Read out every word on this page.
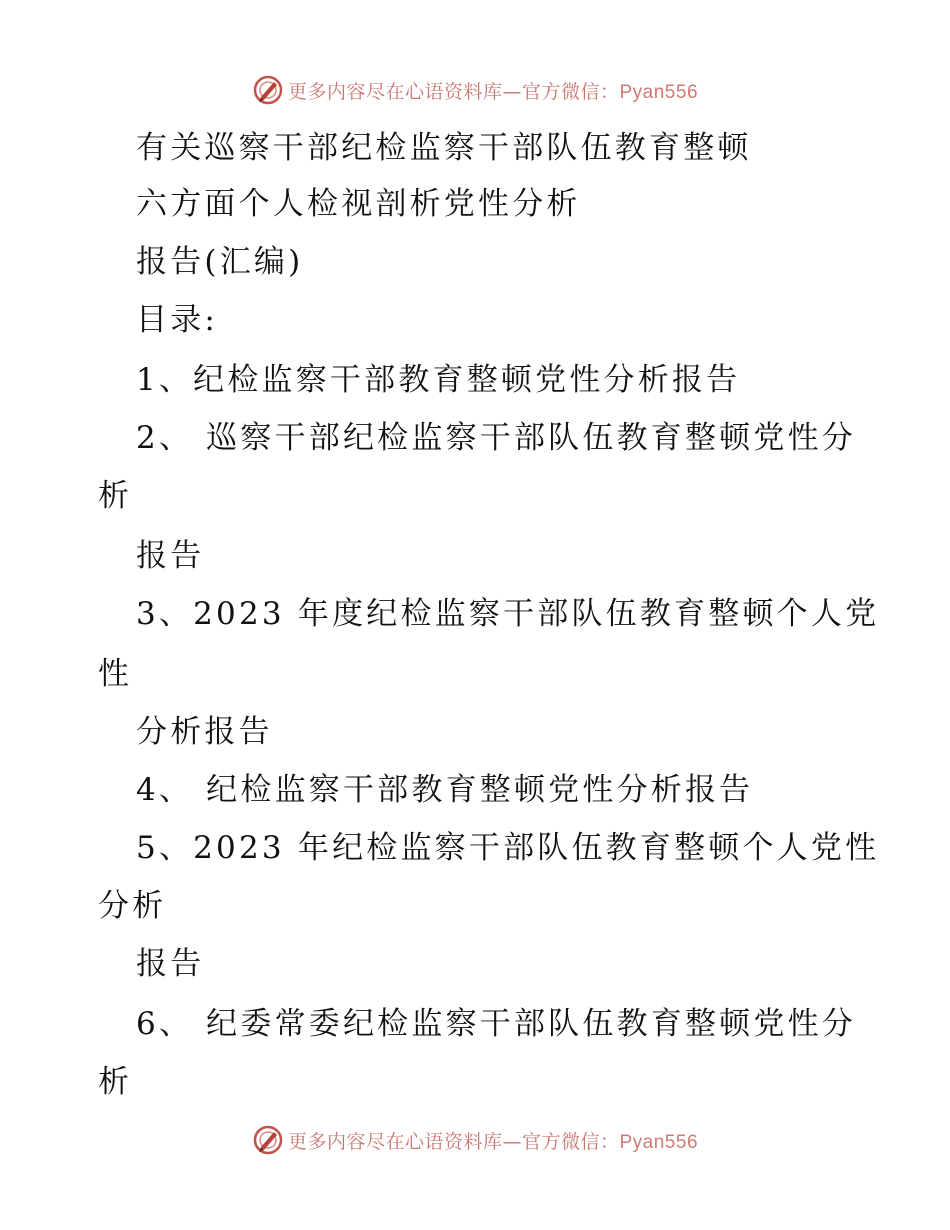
更多内容尽在心语资料库—官方微信：Pyan556
有关巡察干部纪检监察干部队伍教育整顿
六方面个人检视剖析党性分析
报告(汇编)
目录:
1、纪检监察干部教育整顿党性分析报告
2、 巡察干部纪检监察干部队伍教育整顿党性分
析
报告
3、2023 年度纪检监察干部队伍教育整顿个人党
性
分析报告
4、 纪检监察干部教育整顿党性分析报告
5、2023 年纪检监察干部队伍教育整顿个人党性
分析
报告
6、 纪委常委纪检监察干部队伍教育整顿党性分
析
更多内容尽在心语资料库—官方微信：Pyan556
